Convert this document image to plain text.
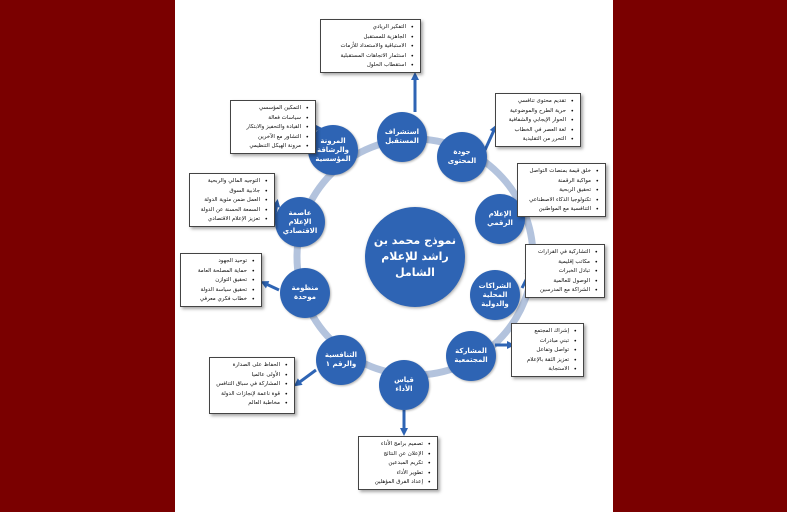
نموذج محمد بن
راشد للإعلام
الشامل
استشراف
المستقبل
جودة
المحتوى
الإعلام
الرقمي
الشراكات
المحلية
والدولية
المشاركة
المجتمعية
قياس
الأداء
التنافسية
والرقم ١
منظومة
موحدة
عاصمة
الإعلام
الاقتصادي
المرونة
والرشاقة
المؤسسية
• التفكير الريادي
• الجاهزية للمستقبل
• الاستباقية والاستعداد للأزمات
• استثمار الاتجاهات المستقبلية
• استقطاب الحلول
• تقديم محتوى تنافسي
• حرية الطرح والموضوعية
• الحوار الإيجابي والشفافية
• لغة العصر في الخطاب
• التحرر من التقليدية
• خلق قيمة بمنصات التواصل
• مواكبة الرقمنة
• تحقيق الربحية
• تكنولوجيا الذكاء الاصطناعي
• التنافسية مع المواطنين
• التشاركية في القرارات
• مكاتب إقليمية
• تبادل الخبرات
• الوصول للعالمية
• الشراكة مع المدرسين
• إشراك المجتمع
• تبني مبادرات
• تواصل وتفاعل
• تعزيز الثقة بالإعلام
• الاستجابة
• تصميم برامج الأداء
• الإعلان عن النتائج
• تكريم المبدعين
• تطوير الأداء
• إعداد الفرق المؤهلين
• الحفاظ على الصدارة
• الأولى عالميا
• المشاركة في سباق التنافس
• قوة ناعمة لإنجازات الدولة
• مخاطبة العالم
• توحيد الجهود
• حماية المصلحة العامة
• تحقيق التوازن
• تحقيق سياسة الدولة
• خطاب فكري معرفي
• التوجيه المالي والربحية
• جاذبية السوق
• العمل ضمن مئوية الدولة
• السمعة الحسنة عن الدولة
• تعزيز الإعلام الاقتصادي
• التمكين المؤسسي
• سياسات فعالة
• القيادة والتحفيز والابتكار
• التشاور مع الآخرين
• مرونة الهيكل التنظيمي
